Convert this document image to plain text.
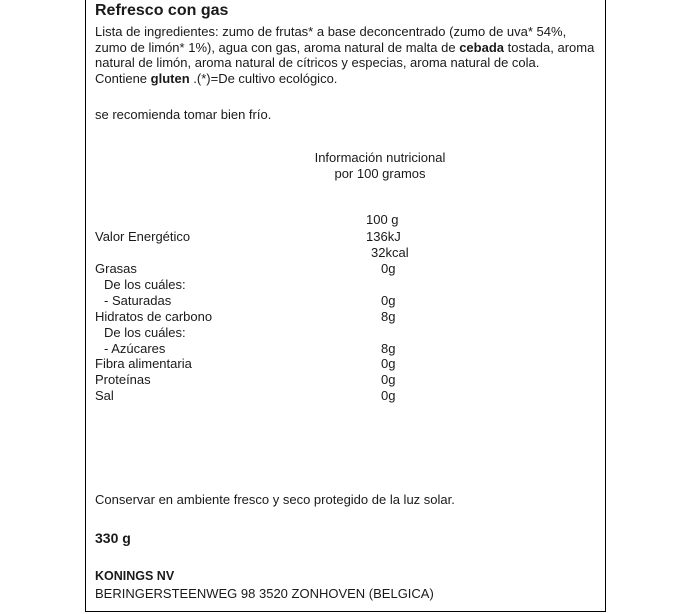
Refresco con gas

Lista de ingredientes: zumo de frutas* a base deconcentrado (zumo de uva* 54%, zumo de limón* 1%), agua con gas, aroma natural de malta de cebada tostada, aroma natural de limón, aroma natural de cítricos y especias, aroma natural de cola. Contiene gluten .(*)=De cultivo ecológico.

se recomienda tomar bien frío.
Información nutricional
por 100 gramos
100 g
Valor Energético	136kJ
32kcal
Grasas	0g
De los cuáles:
- Saturadas	0g
Hidratos de carbono	8g
De los cuáles:
- Azúcares	8g
Fibra alimentaria	0g
Proteínas	0g
Sal	0g
Conservar en ambiente fresco y seco protegido de la luz solar.
330 g
KONINGS NV
BERINGERSTEENWEG 98 3520 ZONHOVEN (BELGICA)
